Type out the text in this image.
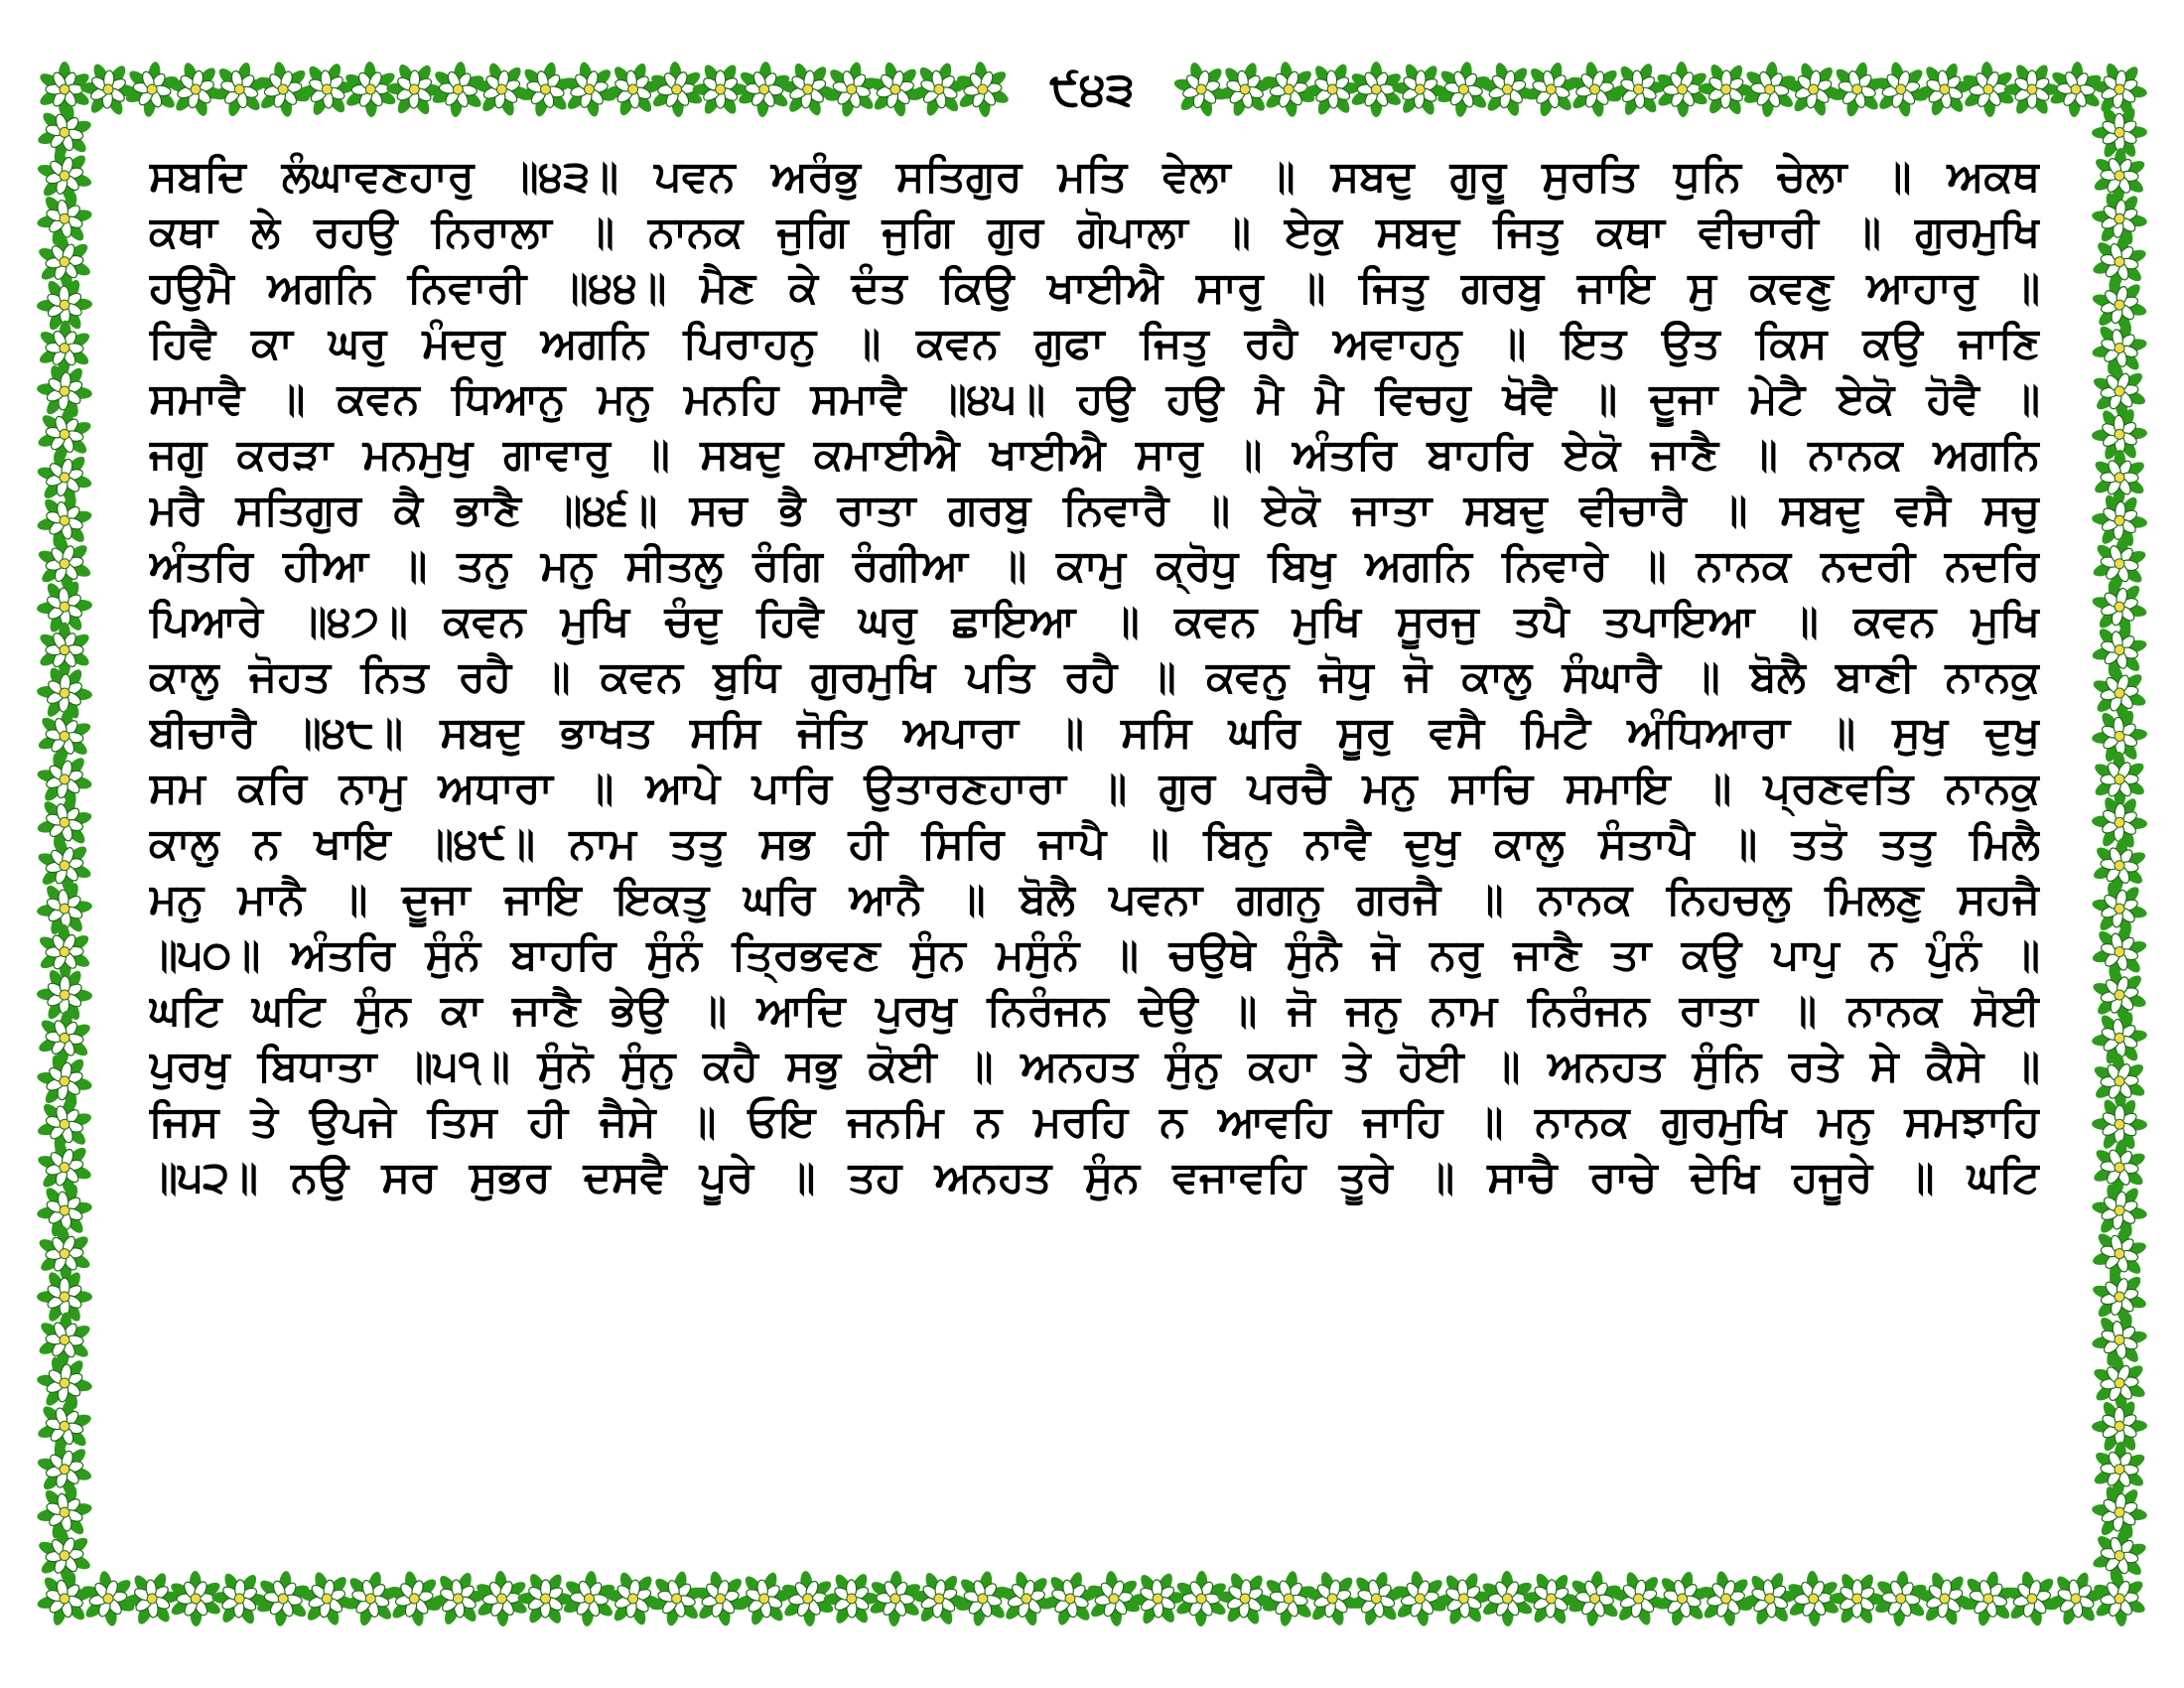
੯੪੩
ਸਬਦਿ ਲੰਘਾਵਣਹਾਰੁ ॥੪੩॥ ਪਵਨ ਅਰੰਭੁ ਸਤਿਗੁਰ ਮਤਿ ਵੇਲਾ ॥ ਸਬਦੁ ਗੁਰੂ ਸੁਰਤਿ ਧੁਨਿ ਚੇਲਾ ॥ ਅਕਥ
ਕਥਾ ਲੇ ਰਹਉ ਨਿਰਾਲਾ ॥ ਨਾਨਕ ਜੁਗਿ ਜੁਗਿ ਗੁਰ ਗੋਪਾਲਾ ॥ ਏਕੁ ਸਬਦੁ ਜਿਤੁ ਕਥਾ ਵੀਚਾਰੀ ॥ ਗੁਰਮੁਖਿ
ਹਉਮੈ ਅਗਨਿ ਨਿਵਾਰੀ ॥੪੪॥ ਮੈਣ ਕੇ ਦੰਤ ਕਿਉ ਖਾਈਐ ਸਾਰੁ ॥ ਜਿਤੁ ਗਰਬੁ ਜਾਇ ਸੁ ਕਵਣੁ ਆਹਾਰੁ ॥
ਹਿਵੈ ਕਾ ਘਰੁ ਮੰਦਰੁ ਅਗਨਿ ਪਿਰਾਹਨੁ ॥ ਕਵਨ ਗੁਫਾ ਜਿਤੁ ਰਹੈ ਅਵਾਹਨੁ ॥ ਇਤ ਉਤ ਕਿਸ ਕਉ ਜਾਣਿ
ਸਮਾਵੈ ॥ ਕਵਨ ਧਿਆਨੁ ਮਨੁ ਮਨਹਿ ਸਮਾਵੈ ॥੪੫॥ ਹਉ ਹਉ ਮੈ ਮੈ ਵਿਚਹੁ ਖੋਵੈ ॥ ਦੂਜਾ ਮੇਟੈ ਏਕੋ ਹੋਵੈ ॥
ਜਗੁ ਕਰੜਾ ਮਨਮੁਖੁ ਗਾਵਾਰੁ ॥ ਸਬਦੁ ਕਮਾਈਐ ਖਾਈਐ ਸਾਰੁ ॥ ਅੰਤਰਿ ਬਾਹਰਿ ਏਕੋ ਜਾਣੈ ॥ ਨਾਨਕ ਅਗਨਿ
ਮਰੈ ਸਤਿਗੁਰ ਕੈ ਭਾਣੈ ॥੪੬॥ ਸਚ ਭੈ ਰਾਤਾ ਗਰਬੁ ਨਿਵਾਰੈ ॥ ਏਕੋ ਜਾਤਾ ਸਬਦੁ ਵੀਚਾਰੈ ॥ ਸਬਦੁ ਵਸੈ ਸਚੁ
ਅੰਤਰਿ ਹੀਆ ॥ ਤਨੁ ਮਨੁ ਸੀਤਲੁ ਰੰਗਿ ਰੰਗੀਆ ॥ ਕਾਮੁ ਕ੍ਰੋਧੁ ਬਿਖੁ ਅਗਨਿ ਨਿਵਾਰੇ ॥ ਨਾਨਕ ਨਦਰੀ ਨਦਰਿ
ਪਿਆਰੇ ॥੪੭॥ ਕਵਨ ਮੁਖਿ ਚੰਦੁ ਹਿਵੈ ਘਰੁ ਛਾਇਆ ॥ ਕਵਨ ਮੁਖਿ ਸੂਰਜੁ ਤਪੈ ਤਪਾਇਆ ॥ ਕਵਨ ਮੁਖਿ
ਕਾਲੁ ਜੋਹਤ ਨਿਤ ਰਹੈ ॥ ਕਵਨ ਬੁਧਿ ਗੁਰਮੁਖਿ ਪਤਿ ਰਹੈ ॥ ਕਵਨੁ ਜੋਧੁ ਜੋ ਕਾਲੁ ਸੰਘਾਰੈ ॥ ਬੋਲੈ ਬਾਣੀ ਨਾਨਕੁ
ਬੀਚਾਰੈ ॥੪੮॥ ਸਬਦੁ ਭਾਖਤ ਸਸਿ ਜੋਤਿ ਅਪਾਰਾ ॥ ਸਸਿ ਘਰਿ ਸੂਰੁ ਵਸੈ ਮਿਟੈ ਅੰਧਿਆਰਾ ॥ ਸੁਖੁ ਦੁਖੁ
ਸਮ ਕਰਿ ਨਾਮੁ ਅਧਾਰਾ ॥ ਆਪੇ ਪਾਰਿ ਉਤਾਰਣਹਾਰਾ ॥ ਗੁਰ ਪਰਚੈ ਮਨੁ ਸਾਚਿ ਸਮਾਇ ॥ ਪ੍ਰਣਵਤਿ ਨਾਨਕੁ
ਕਾਲੁ ਨ ਖਾਇ ॥੪੯॥ ਨਾਮ ਤਤੁ ਸਭ ਹੀ ਸਿਰਿ ਜਾਪੈ ॥ ਬਿਨੁ ਨਾਵੈ ਦੁਖੁ ਕਾਲੁ ਸੰਤਾਪੈ ॥ ਤਤੋ ਤਤੁ ਮਿਲੈ
ਮਨੁ ਮਾਨੈ ॥ ਦੂਜਾ ਜਾਇ ਇਕਤੁ ਘਰਿ ਆਨੈ ॥ ਬੋਲੈ ਪਵਨਾ ਗਗਨੁ ਗਰਜੈ ॥ ਨਾਨਕ ਨਿਹਚਲੁ ਮਿਲਣੁ ਸਹਜੈ
॥੫੦॥ ਅੰਤਰਿ ਸੁੰਨੰ ਬਾਹਰਿ ਸੁੰਨੰ ਤ੍ਰਿਭਵਣ ਸੁੰਨ ਮਸੁੰਨੰ ॥ ਚਉਥੇ ਸੁੰਨੈ ਜੋ ਨਰੁ ਜਾਣੈ ਤਾ ਕਉ ਪਾਪੁ ਨ ਪੁੰਨੰ ॥
ਘਟਿ ਘਟਿ ਸੁੰਨ ਕਾ ਜਾਣੈ ਭੇਉ ॥ ਆਦਿ ਪੁਰਖੁ ਨਿਰੰਜਨ ਦੇਉ ॥ ਜੋ ਜਨੁ ਨਾਮ ਨਿਰੰਜਨ ਰਾਤਾ ॥ ਨਾਨਕ ਸੋਈ
ਪੁਰਖੁ ਬਿਧਾਤਾ ॥੫੧॥ ਸੁੰਨੋ ਸੁੰਨੁ ਕਹੈ ਸਭੁ ਕੋਈ ॥ ਅਨਹਤ ਸੁੰਨੁ ਕਹਾ ਤੇ ਹੋਈ ॥ ਅਨਹਤ ਸੁੰਨਿ ਰਤੇ ਸੇ ਕੈਸੇ ॥
ਜਿਸ ਤੇ ਉਪਜੇ ਤਿਸ ਹੀ ਜੈਸੇ ॥ ਓਇ ਜਨਮਿ ਨ ਮਰਹਿ ਨ ਆਵਹਿ ਜਾਹਿ ॥ ਨਾਨਕ ਗੁਰਮੁਖਿ ਮਨੁ ਸਮਝਾਹਿ
॥੫੨॥ ਨਉ ਸਰ ਸੁਭਰ ਦਸਵੈ ਪੂਰੇ ॥ ਤਹ ਅਨਹਤ ਸੁੰਨ ਵਜਾਵਹਿ ਤੂਰੇ ॥ ਸਾਚੈ ਰਾਚੇ ਦੇਖਿ ਹਜੂਰੇ ॥ ਘਟਿ
